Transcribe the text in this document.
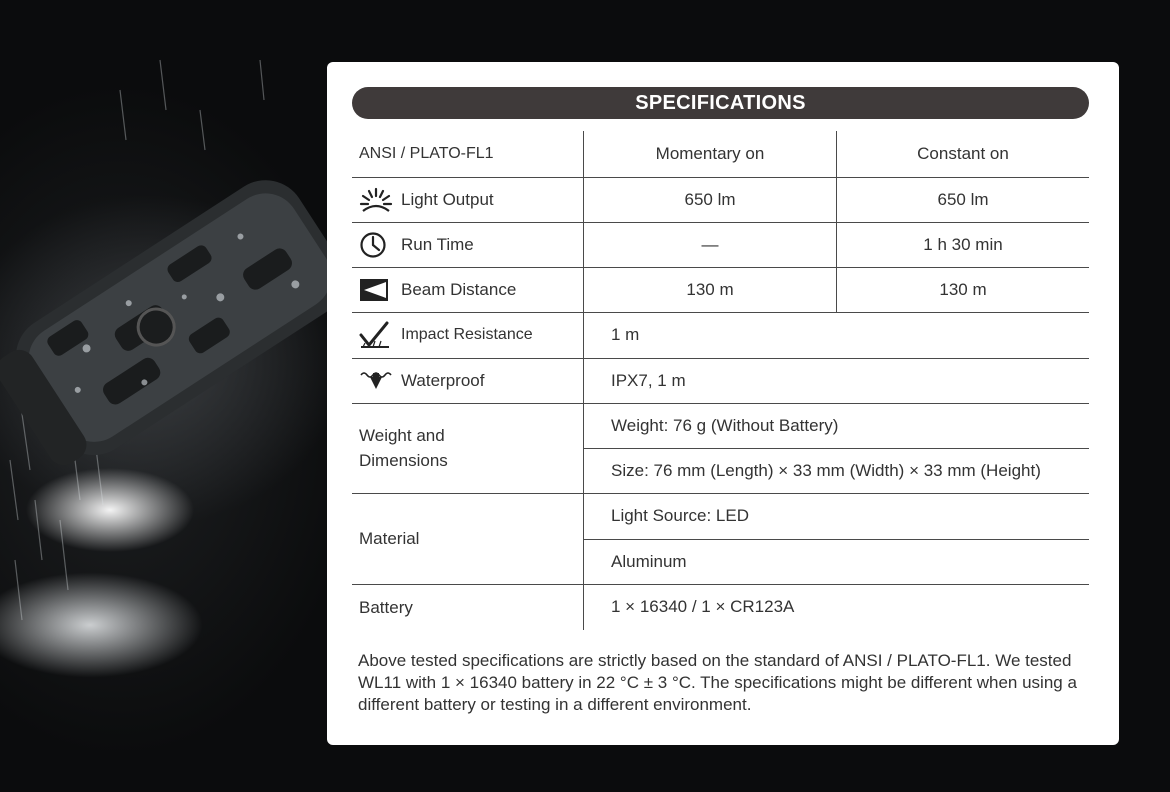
SPECIFICATIONS
ANSI / PLATO-FL1	Momentary on	Constant on

Light Output	650 lm	650 lm

Run Time	—	1 h 30 min

Beam Distance	130 m	130 m

Impact Resistance	1 m	

Waterproof	IPX7, 1 m	

Weight and
Dimensions	Weight: 76 g (Without Battery)	
	Size: 76 mm (Length) × 33 mm (Width) × 33 mm (Height)	

Material	Light Source: LED	
	Aluminum	

Battery	1 × 16340 / 1 × CR123A	
Above tested specifications are strictly based on the standard of ANSI / PLATO-FL1. We tested WL11 with 1 × 16340 battery in 22 °C ± 3 °C. The specifications might be different when using a different battery or testing in a different environment.
